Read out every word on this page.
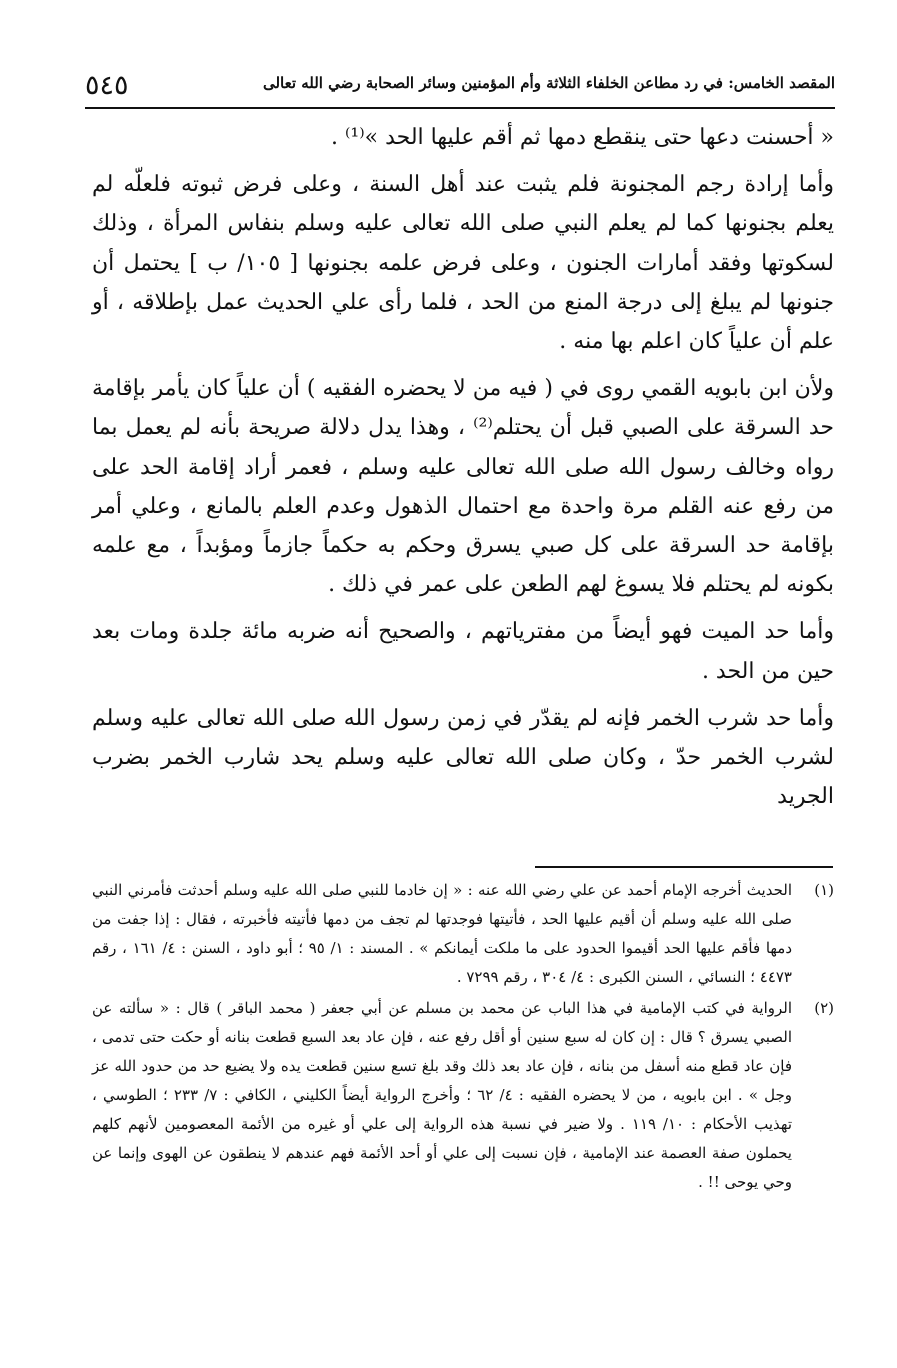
٥٤٥	المقصد الخامس: في رد مطاعن الخلفاء الثلاثة وأم المؤمنين وسائر الصحابة رضي الله تعالى

« أحسنت دعها حتى ينقطع دمها ثم أقم عليها الحد »⁽¹⁾ .

وأما إرادة رجم المجنونة فلم يثبت عند أهل السنة ، وعلى فرض ثبوته فلعلّه لم يعلم بجنونها كما لم يعلم النبي صلى الله تعالى عليه وسلم بنفاس المرأة ، وذلك لسكوتها وفقد أمارات الجنون ، وعلى فرض علمه بجنونها [ ١٠٥/ ب ] يحتمل أن جنونها لم يبلغ إلى درجة المنع من الحد ، فلما رأى علي الحديث عمل بإطلاقه ، أو علم أن علياً كان اعلم بها منه .

ولأن ابن بابويه القمي روى في ( فيه من لا يحضره الفقيه ) أن علياً كان يأمر بإقامة حد السرقة على الصبي قبل أن يحتلم⁽²⁾ ، وهذا يدل دلالة صريحة بأنه لم يعمل بما رواه وخالف رسول الله صلى الله تعالى عليه وسلم ، فعمر أراد إقامة الحد على من رفع عنه القلم مرة واحدة مع احتمال الذهول وعدم العلم بالمانع ، وعلي أمر بإقامة حد السرقة على كل صبي يسرق وحكم به حكماً جازماً ومؤبداً ، مع علمه بكونه لم يحتلم فلا يسوغ لهم الطعن على عمر في ذلك .

وأما حد الميت فهو أيضاً من مفترياتهم ، والصحيح أنه ضربه مائة جلدة ومات بعد حين من الحد .

وأما حد شرب الخمر فإنه لم يقدّر في زمن رسول الله صلى الله تعالى عليه وسلم لشرب الخمر حدّ ، وكان صلى الله تعالى عليه وسلم يحد شارب الخمر بضرب الجريد

(١)
الحديث أخرجه الإمام أحمد عن علي رضي الله عنه : « إن خادما للنبي صلى الله عليه وسلم أحدثت فأمرني النبي صلى الله عليه وسلم أن أقيم عليها الحد ، فأتيتها فوجدتها لم تجف من دمها فأتيته فأخبرته ، فقال : إذا جفت من دمها فأقم عليها الحد أقيموا الحدود على ما ملكت أيمانكم » . المسند : ١/ ٩٥ ؛ أبو داود ، السنن : ٤/ ١٦١ ، رقم ٤٤٧٣ ؛ النسائي ، السنن الكبرى : ٤/ ٣٠٤ ، رقم ٧٢٩٩ .
(٢)
الرواية في كتب الإمامية في هذا الباب عن محمد بن مسلم عن أبي جعفر ( محمد الباقر ) قال : « سألته عن الصبي يسرق ؟ قال : إن كان له سبع سنين أو أقل رفع عنه ، فإن عاد بعد السبع قطعت بنانه أو حكت حتى تدمى ، فإن عاد قطع منه أسفل من بنانه ، فإن عاد بعد ذلك وقد بلغ تسع سنين قطعت يده ولا يضيع حد من حدود الله عز وجل » . ابن بابويه ، من لا يحضره الفقيه : ٤/ ٦٢ ؛ وأخرج الرواية أيضاً الكليني ، الكافي : ٧/ ٢٣٣ ؛ الطوسي ، تهذيب الأحكام : ١٠/ ١١٩ . ولا ضير في نسبة هذه الرواية إلى علي أو غيره من الأئمة المعصومين لأنهم كلهم يحملون صفة العصمة عند الإمامية ، فإن نسبت إلى علي أو أحد الأئمة فهم عندهم لا ينطقون عن الهوى وإنما عن وحي يوحى !! .
